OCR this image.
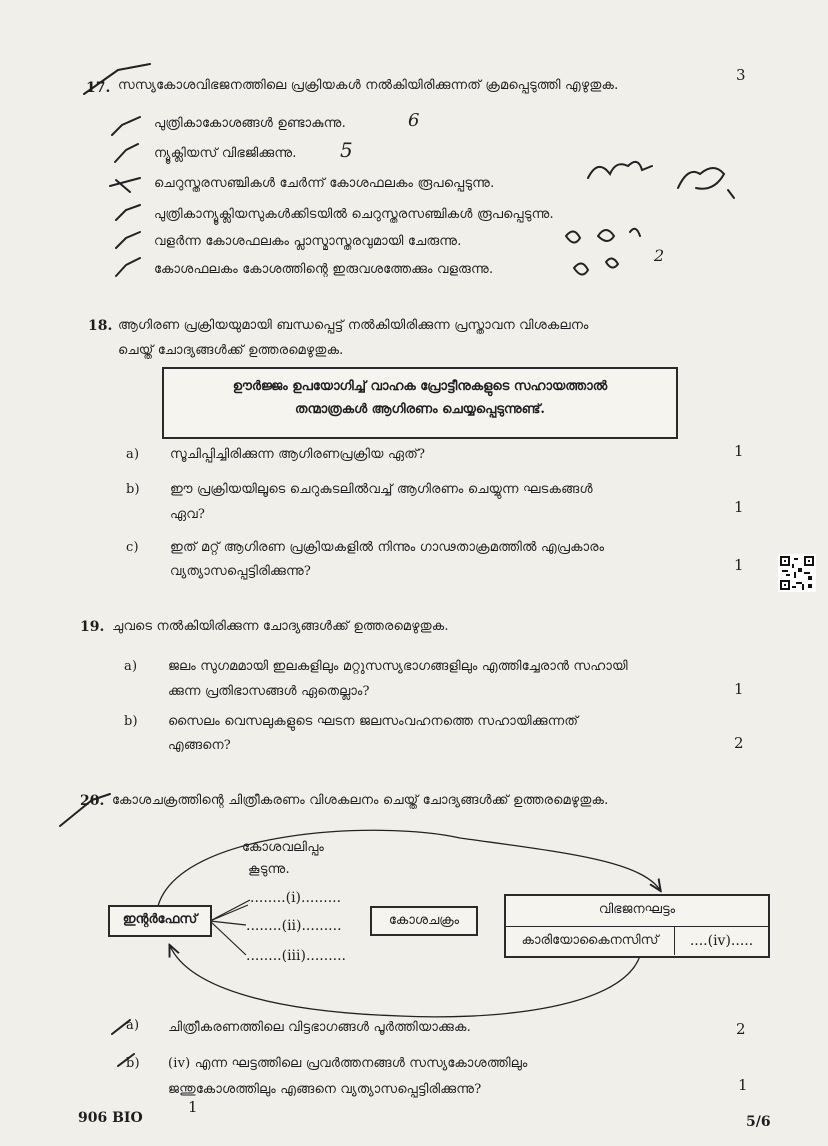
17. സസ്യകോശവിഭജനത്തിലെ പ്രക്രിയകൾ നൽകിയിരിക്കുന്നത് ക്രമപ്പെടുത്തി എഴുതുക.
3
പുത്രികാകോശങ്ങൾ ഉണ്ടാകുന്നു.	6
ന്യൂക്ലിയസ് വിഭജിക്കുന്നു. 5
ചെറുസ്തരസഞ്ചികൾ ചേർന്ന് കോശഫലകം രൂപപ്പെടുന്നു.
പുത്രികാന്യൂക്ലിയസുകൾക്കിടയിൽ ചെറുസ്തരസഞ്ചികൾ രൂപപ്പെടുന്നു.
വളർന്ന കോശഫലകം പ്ലാസ്മാസ്തരവുമായി ചേരുന്നു.
കോശഫലകം കോശത്തിന്റെ ഇരുവശത്തേക്കും വളരുന്നു.
2
18. ആഗിരണ പ്രക്രിയയുമായി ബന്ധപ്പെട്ട് നൽകിയിരിക്കുന്ന പ്രസ്താവന വിശകലനം
ചെയ്ത് ചോദ്യങ്ങൾക്ക് ഉത്തരമെഴുതുക.
ഊർജ്ജം ഉപയോഗിച്ച് വാഹക പ്രോട്ടീനുകളുടെ സഹായത്താൽ
തന്മാത്രകൾ ആഗിരണം ചെയ്യപ്പെടുന്നുണ്ട്.
a) സൂചിപ്പിച്ചിരിക്കുന്ന ആഗിരണപ്രക്രിയ ഏത്?	1
b) ഈ പ്രക്രിയയിലൂടെ ചെറുകുടലിൽവച്ച് ആഗിരണം ചെയ്യുന്ന ഘടകങ്ങൾ
ഏവ?	1
c) ഇത് മറ്റ് ആഗിരണ പ്രക്രിയകളിൽ നിന്നും ഗാഢതാക്രമത്തിൽ എപ്രകാരം
വ്യത്യാസപ്പെട്ടിരിക്കുന്നു?	1
19. ചുവടെ നൽകിയിരിക്കുന്ന ചോദ്യങ്ങൾക്ക് ഉത്തരമെഴുതുക.
a) ജലം സുഗമമായി ഇലകളിലും മറ്റുസസ്യഭാഗങ്ങളിലും എത്തിച്ചേരാൻ സഹായി
ക്കുന്ന പ്രതിഭാസങ്ങൾ ഏതെല്ലാം?	1
b) സൈലം വെസലുകളുടെ ഘടന ജലസംവഹനത്തെ സഹായിക്കുന്നത്
എങ്ങനെ?	2
20. കോശചക്രത്തിന്റെ ചിത്രീകരണം വിശകലനം ചെയ്ത് ചോദ്യങ്ങൾക്ക് ഉത്തരമെഴുതുക.
ഇന്റർഫേസ്
കോശവലിപ്പം
കൂടുന്നു.
........(i).........
........(ii).........
........(iii).........
കോശചക്രം
വിഭജനഘട്ടം
കാരിയോകൈനസിസ്	....(iv).....
a) ചിത്രീകരണത്തിലെ വിട്ടഭാഗങ്ങൾ പൂർത്തിയാക്കുക.	2
b) (iv) എന്ന ഘട്ടത്തിലെ പ്രവർത്തനങ്ങൾ സസ്യകോശത്തിലും
ജന്തുകോശത്തിലും എങ്ങനെ വ്യത്യാസപ്പെട്ടിരിക്കുന്നു?	1
906 BIO
1
5/6
